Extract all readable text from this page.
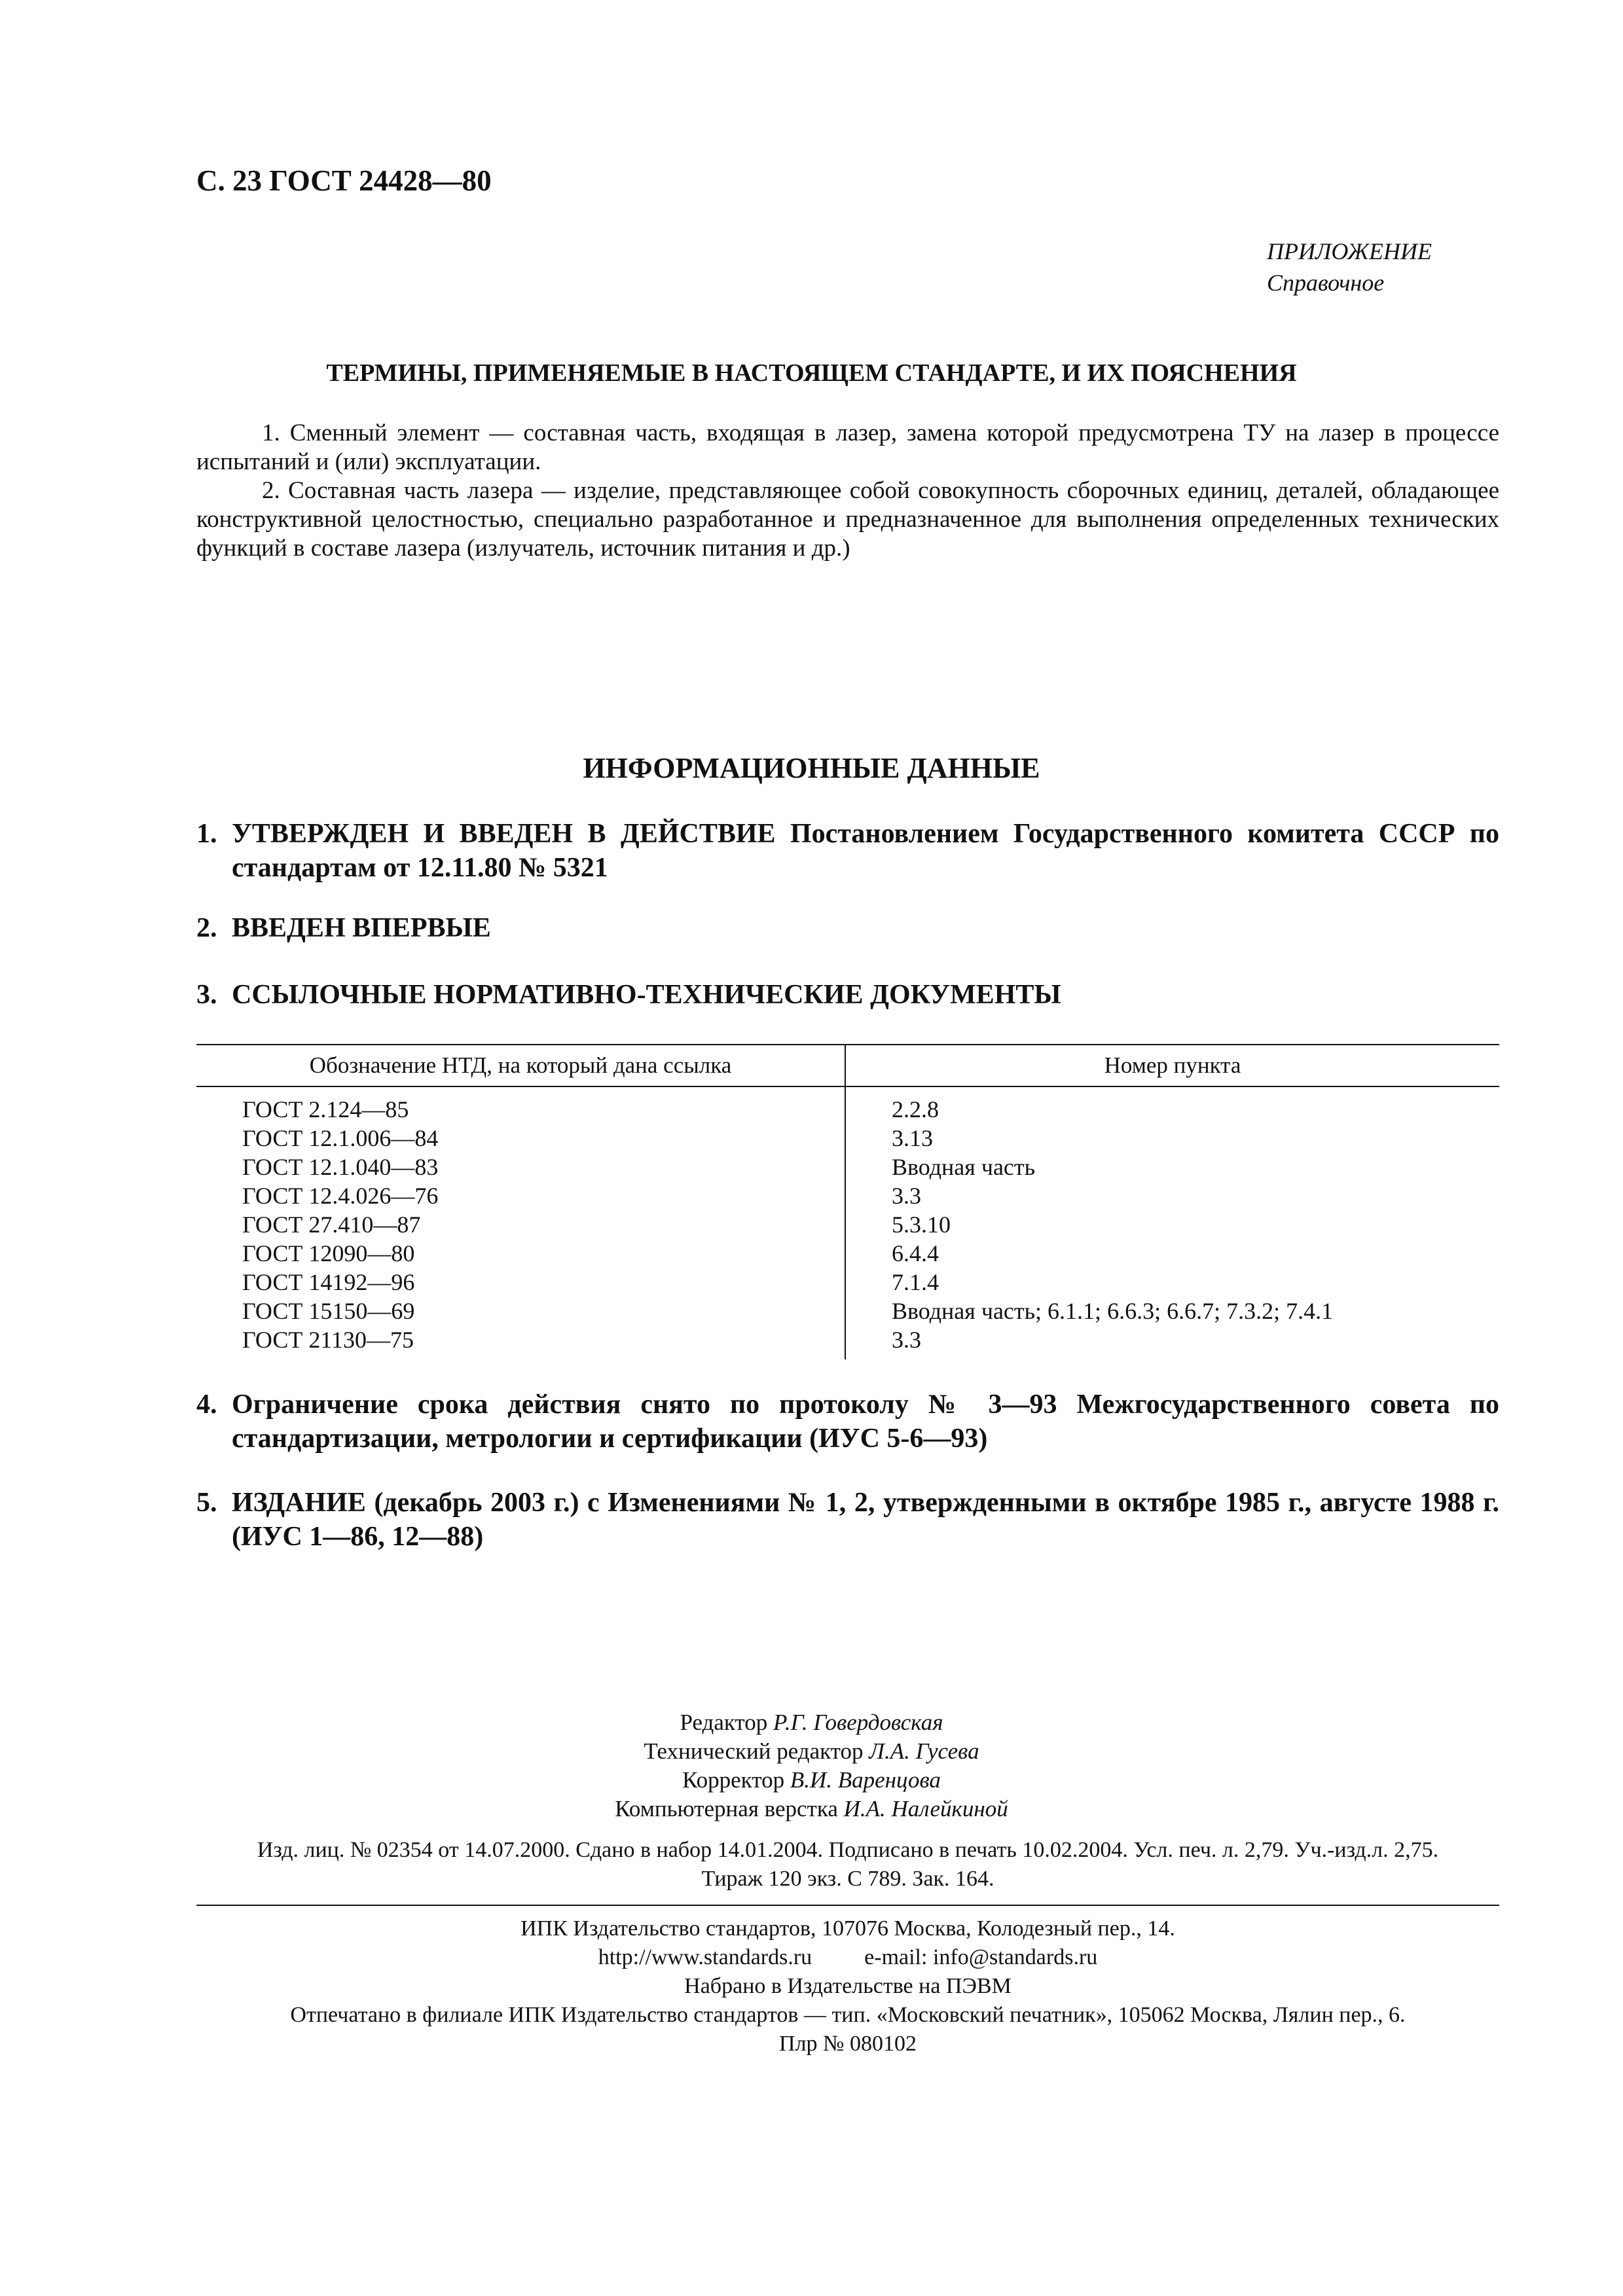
С. 23 ГОСТ 24428—80
ПРИЛОЖЕНИЕ
Справочное
ТЕРМИНЫ, ПРИМЕНЯЕМЫЕ В НАСТОЯЩЕМ СТАНДАРТЕ, И ИХ ПОЯСНЕНИЯ

1. Сменный элемент — составная часть, входящая в лазер, замена которой предусмотрена ТУ на лазер в процессе испытаний и (или) эксплуатации.

2. Составная часть лазера — изделие, представляющее собой совокупность сборочных единиц, деталей, обладающее конструктивной целостностью, специально разработанное и предназначенное для выполнения определенных технических функций в составе лазера (излучатель, источник питания и др.)

ИНФОРМАЦИОННЫЕ ДАННЫЕ
1. УТВЕРЖДЕН И ВВЕДЕН В ДЕЙСТВИЕ Постановлением Государственного комитета СССР по стандартам от 12.11.80 № 5321
2. ВВЕДЕН ВПЕРВЫЕ
3. ССЫЛОЧНЫЕ НОРМАТИВНО-ТЕХНИЧЕСКИЕ ДОКУМЕНТЫ
Обозначение НТД, на который дана ссылка	Номер пункта
ГОСТ 2.124—85	2.2.8
ГОСТ 12.1.006—84	3.13
ГОСТ 12.1.040—83	Вводная часть
ГОСТ 12.4.026—76	3.3
ГОСТ 27.410—87	5.3.10
ГОСТ 12090—80	6.4.4
ГОСТ 14192—96	7.1.4
ГОСТ 15150—69	Вводная часть; 6.1.1; 6.6.3; 6.6.7; 7.3.2; 7.4.1
ГОСТ 21130—75	3.3
4. Ограничение срока действия снято по протоколу № 3—93 Межгосударственного совета по стандартизации, метрологии и сертификации (ИУС 5-6—93)
5. ИЗДАНИЕ (декабрь 2003 г.) с Изменениями № 1, 2, утвержденными в октябре 1985 г., августе 1988 г. (ИУС 1—86, 12—88)
Редактор Р.Г. Говердовская
Технический редактор Л.А. Гусева
Корректор В.И. Варенцова
Компьютерная верстка И.А. Налейкиной
Изд. лиц. № 02354 от 14.07.2000. Сдано в набор 14.01.2004. Подписано в печать 10.02.2004. Усл. печ. л. 2,79. Уч.-изд.л. 2,75.
Тираж 120 экз. С 789. Зак. 164.
ИПК Издательство стандартов, 107076 Москва, Колодезный пер., 14.
http://www.standards.ru e-mail: info@standards.ru
Набрано в Издательстве на ПЭВМ
Отпечатано в филиале ИПК Издательство стандартов — тип. «Московский печатник», 105062 Москва, Лялин пер., 6.
Плр № 080102
